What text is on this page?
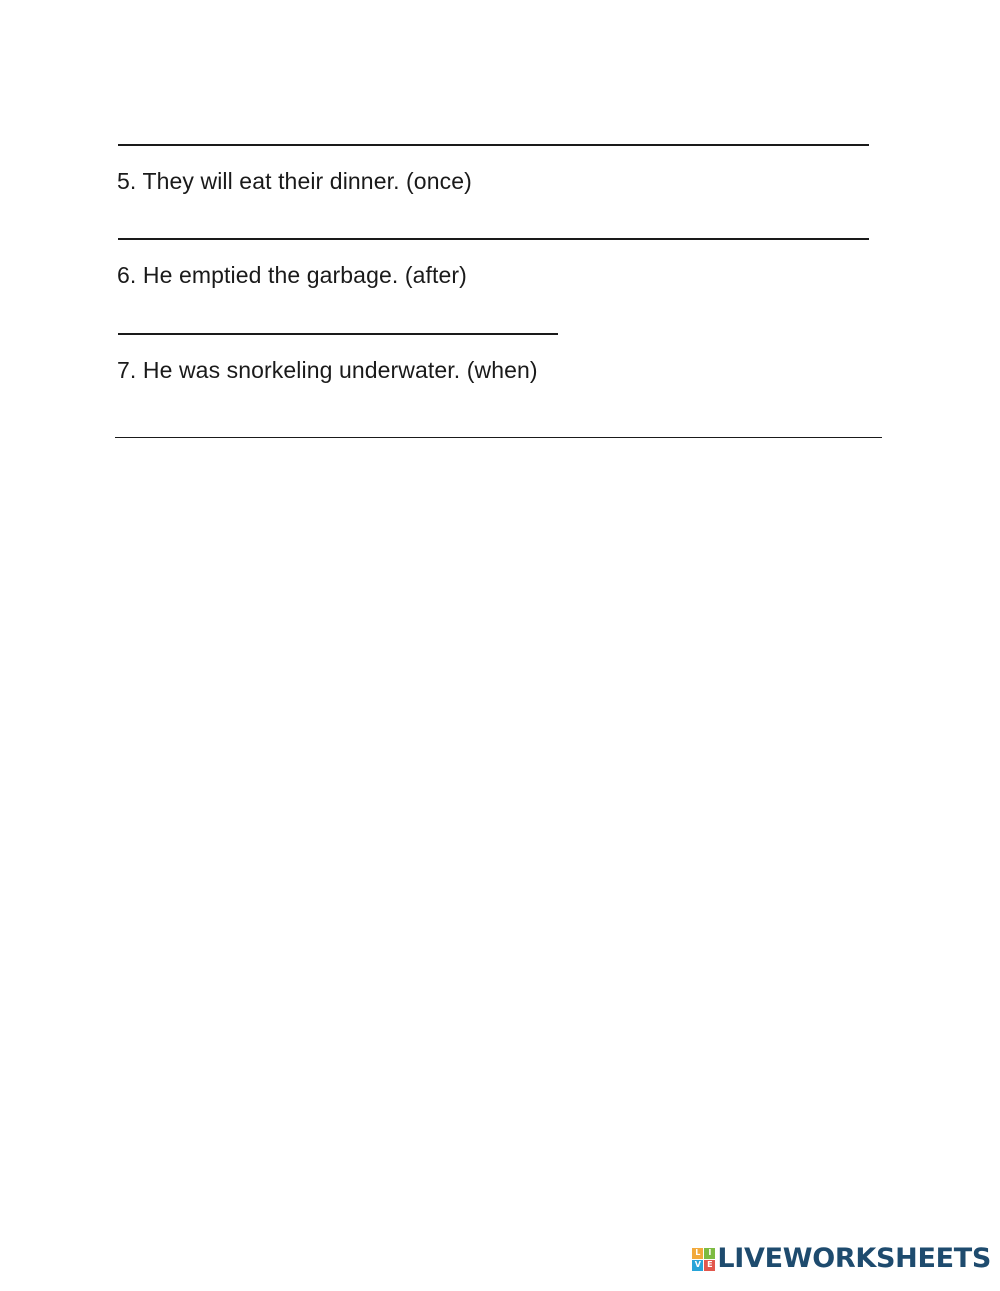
5. They will eat their dinner. (once)
6. He emptied the garbage. (after)
7. He was snorkeling underwater. (when)
L I
V E LIVEWORKSHEETS
